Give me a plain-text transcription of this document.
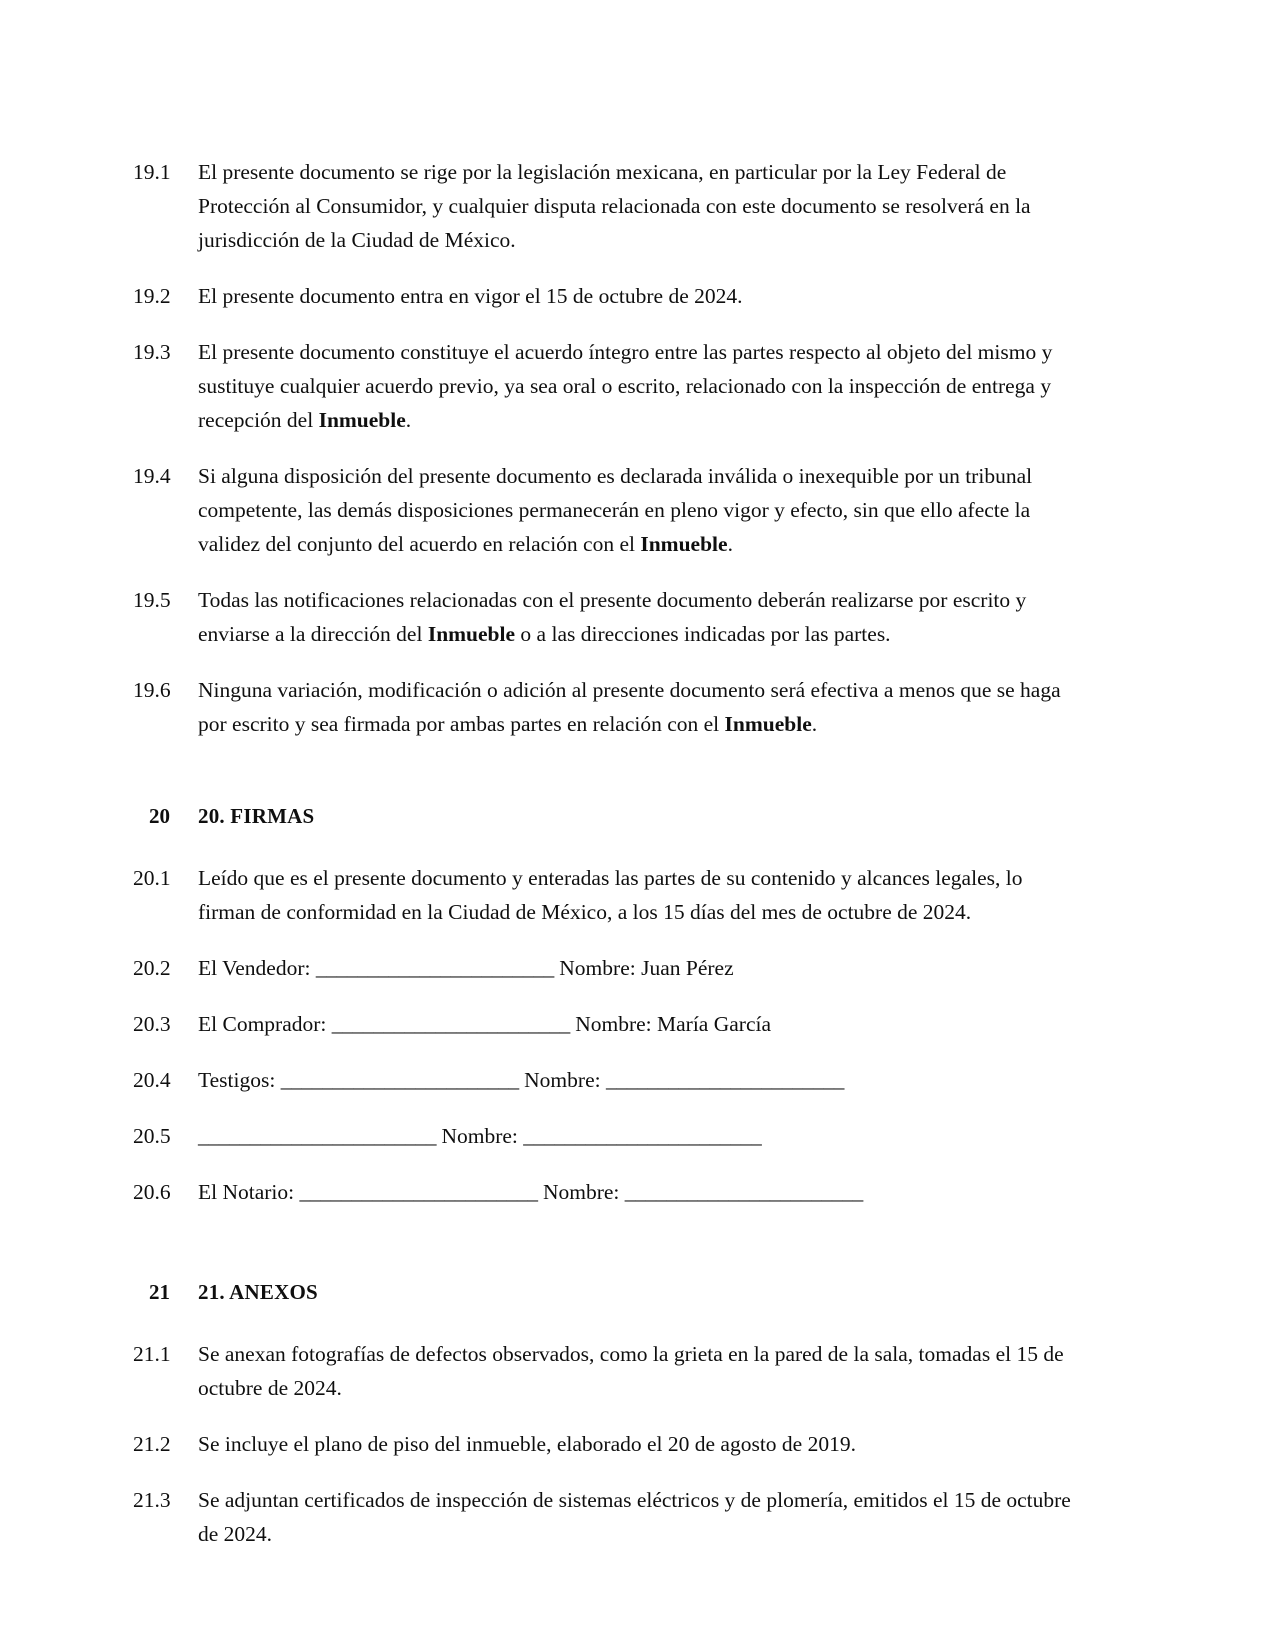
19.1	El presente documento se rige por la legislación mexicana, en particular por la Ley Federal de Protección al Consumidor, y cualquier disputa relacionada con este documento se resolverá en la jurisdicción de la Ciudad de México.
19.2	El presente documento entra en vigor el 15 de octubre de 2024.
19.3	El presente documento constituye el acuerdo íntegro entre las partes respecto al objeto del mismo y sustituye cualquier acuerdo previo, ya sea oral o escrito, relacionado con la inspección de entrega y recepción del Inmueble.
19.4	Si alguna disposición del presente documento es declarada inválida o inexequible por un tribunal competente, las demás disposiciones permanecerán en pleno vigor y efecto, sin que ello afecte la validez del conjunto del acuerdo en relación con el Inmueble.
19.5	Todas las notificaciones relacionadas con el presente documento deberán realizarse por escrito y enviarse a la dirección del Inmueble o a las direcciones indicadas por las partes.
19.6	Ninguna variación, modificación o adición al presente documento será efectiva a menos que se haga por escrito y sea firmada por ambas partes en relación con el Inmueble.
20	20. FIRMAS
20.1	Leído que es el presente documento y enteradas las partes de su contenido y alcances legales, lo firman de conformidad en la Ciudad de México, a los 15 días del mes de octubre de 2024.
20.2	El Vendedor: _______________________ Nombre: Juan Pérez
20.3	El Comprador: _______________________ Nombre: María García
20.4	Testigos: _______________________ Nombre: _______________________
20.5	_______________________ Nombre: _______________________
20.6	El Notario: _______________________ Nombre: _______________________
21	21. ANEXOS
21.1	Se anexan fotografías de defectos observados, como la grieta en la pared de la sala, tomadas el 15 de octubre de 2024.
21.2	Se incluye el plano de piso del inmueble, elaborado el 20 de agosto de 2019.
21.3	Se adjuntan certificados de inspección de sistemas eléctricos y de plomería, emitidos el 15 de octubre de 2024.
